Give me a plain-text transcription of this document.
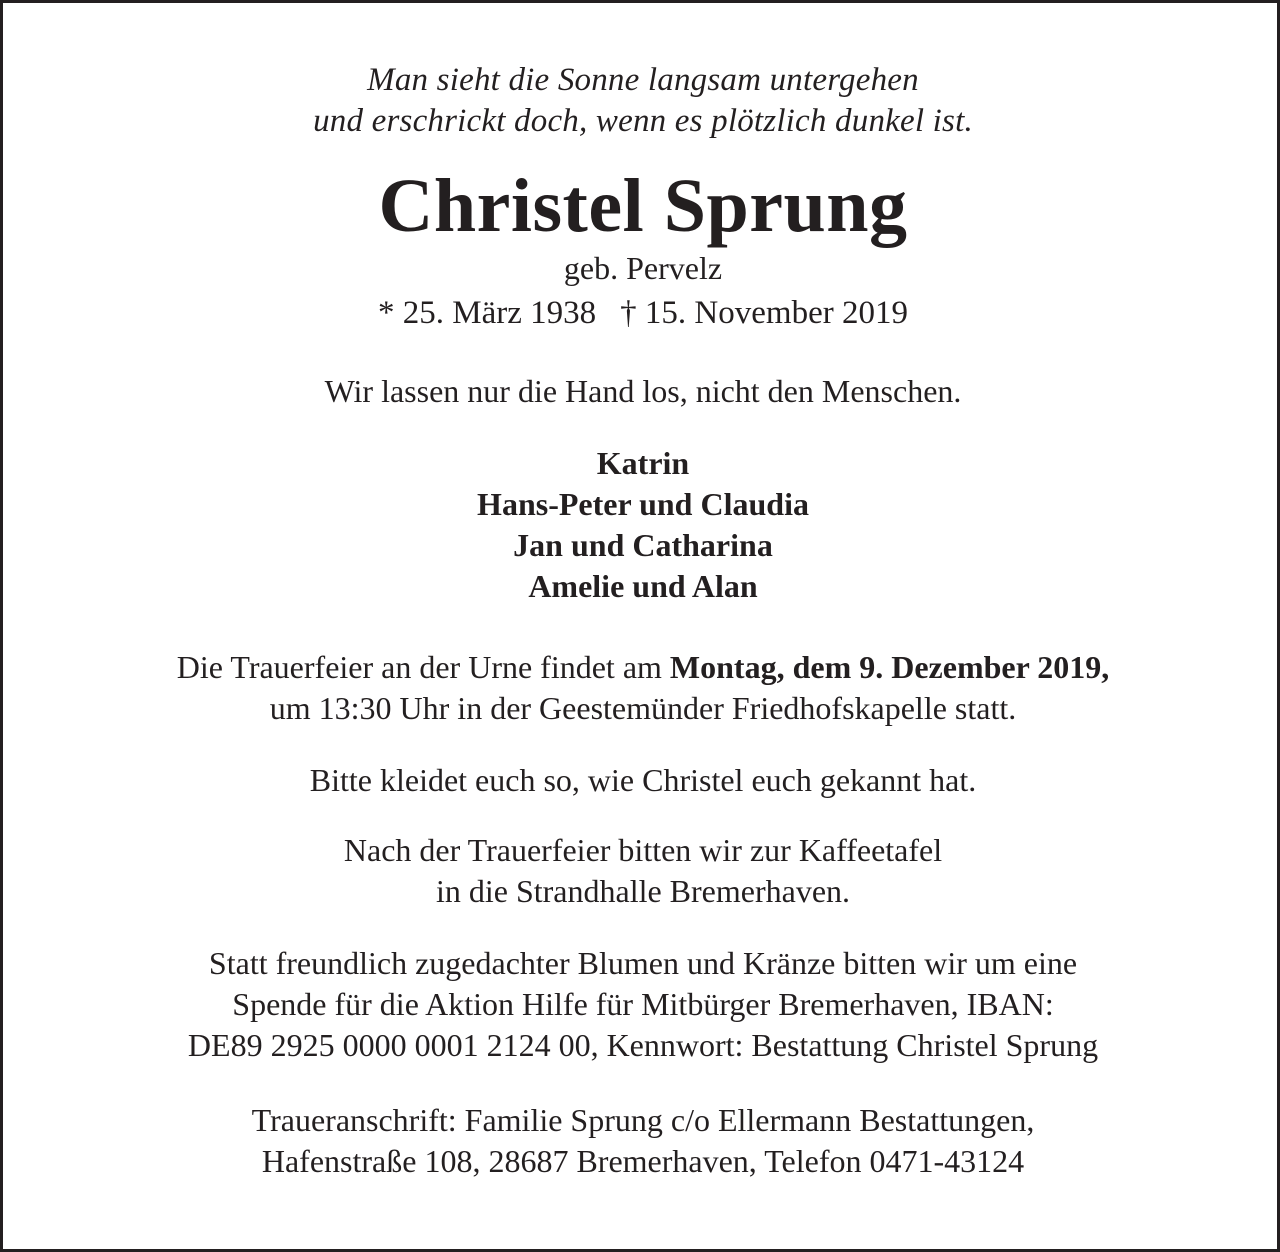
Man sieht die Sonne langsam untergehen
und erschrickt doch, wenn es plötzlich dunkel ist.
Christel Sprung
geb. Pervelz
* 25. März 1938 † 15. November 2019
Wir lassen nur die Hand los, nicht den Menschen.
Katrin
Hans-Peter und Claudia
Jan und Catharina
Amelie und Alan
Die Trauerfeier an der Urne findet am Montag, dem 9. Dezember 2019,
um 13:30 Uhr in der Geestemünder Friedhofskapelle statt.
Bitte kleidet euch so, wie Christel euch gekannt hat.
Nach der Trauerfeier bitten wir zur Kaffeetafel
in die Strandhalle Bremerhaven.
Statt freundlich zugedachter Blumen und Kränze bitten wir um eine
Spende für die Aktion Hilfe für Mitbürger Bremerhaven, IBAN:
DE89 2925 0000 0001 2124 00, Kennwort: Bestattung Christel Sprung
Traueranschrift: Familie Sprung c/o Ellermann Bestattungen,
Hafenstraße 108, 28687 Bremerhaven, Telefon 0471-43124
